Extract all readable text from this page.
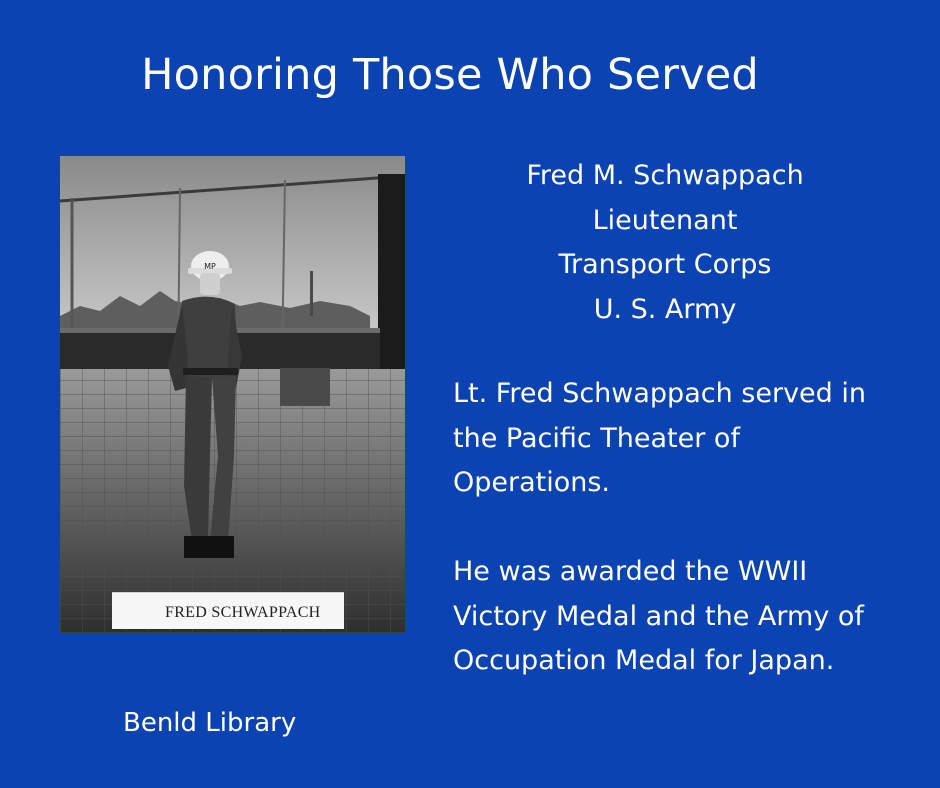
Honoring Those Who Served
MP
FRED SCHWAPPACH
Fred M. Schwappach
Lieutenant
Transport Corps
U. S. Army
Lt. Fred Schwappach served in the Pacific Theater of Operations.
He was awarded the WWII Victory Medal and the Army of Occupation Medal for Japan.
Benld Library
